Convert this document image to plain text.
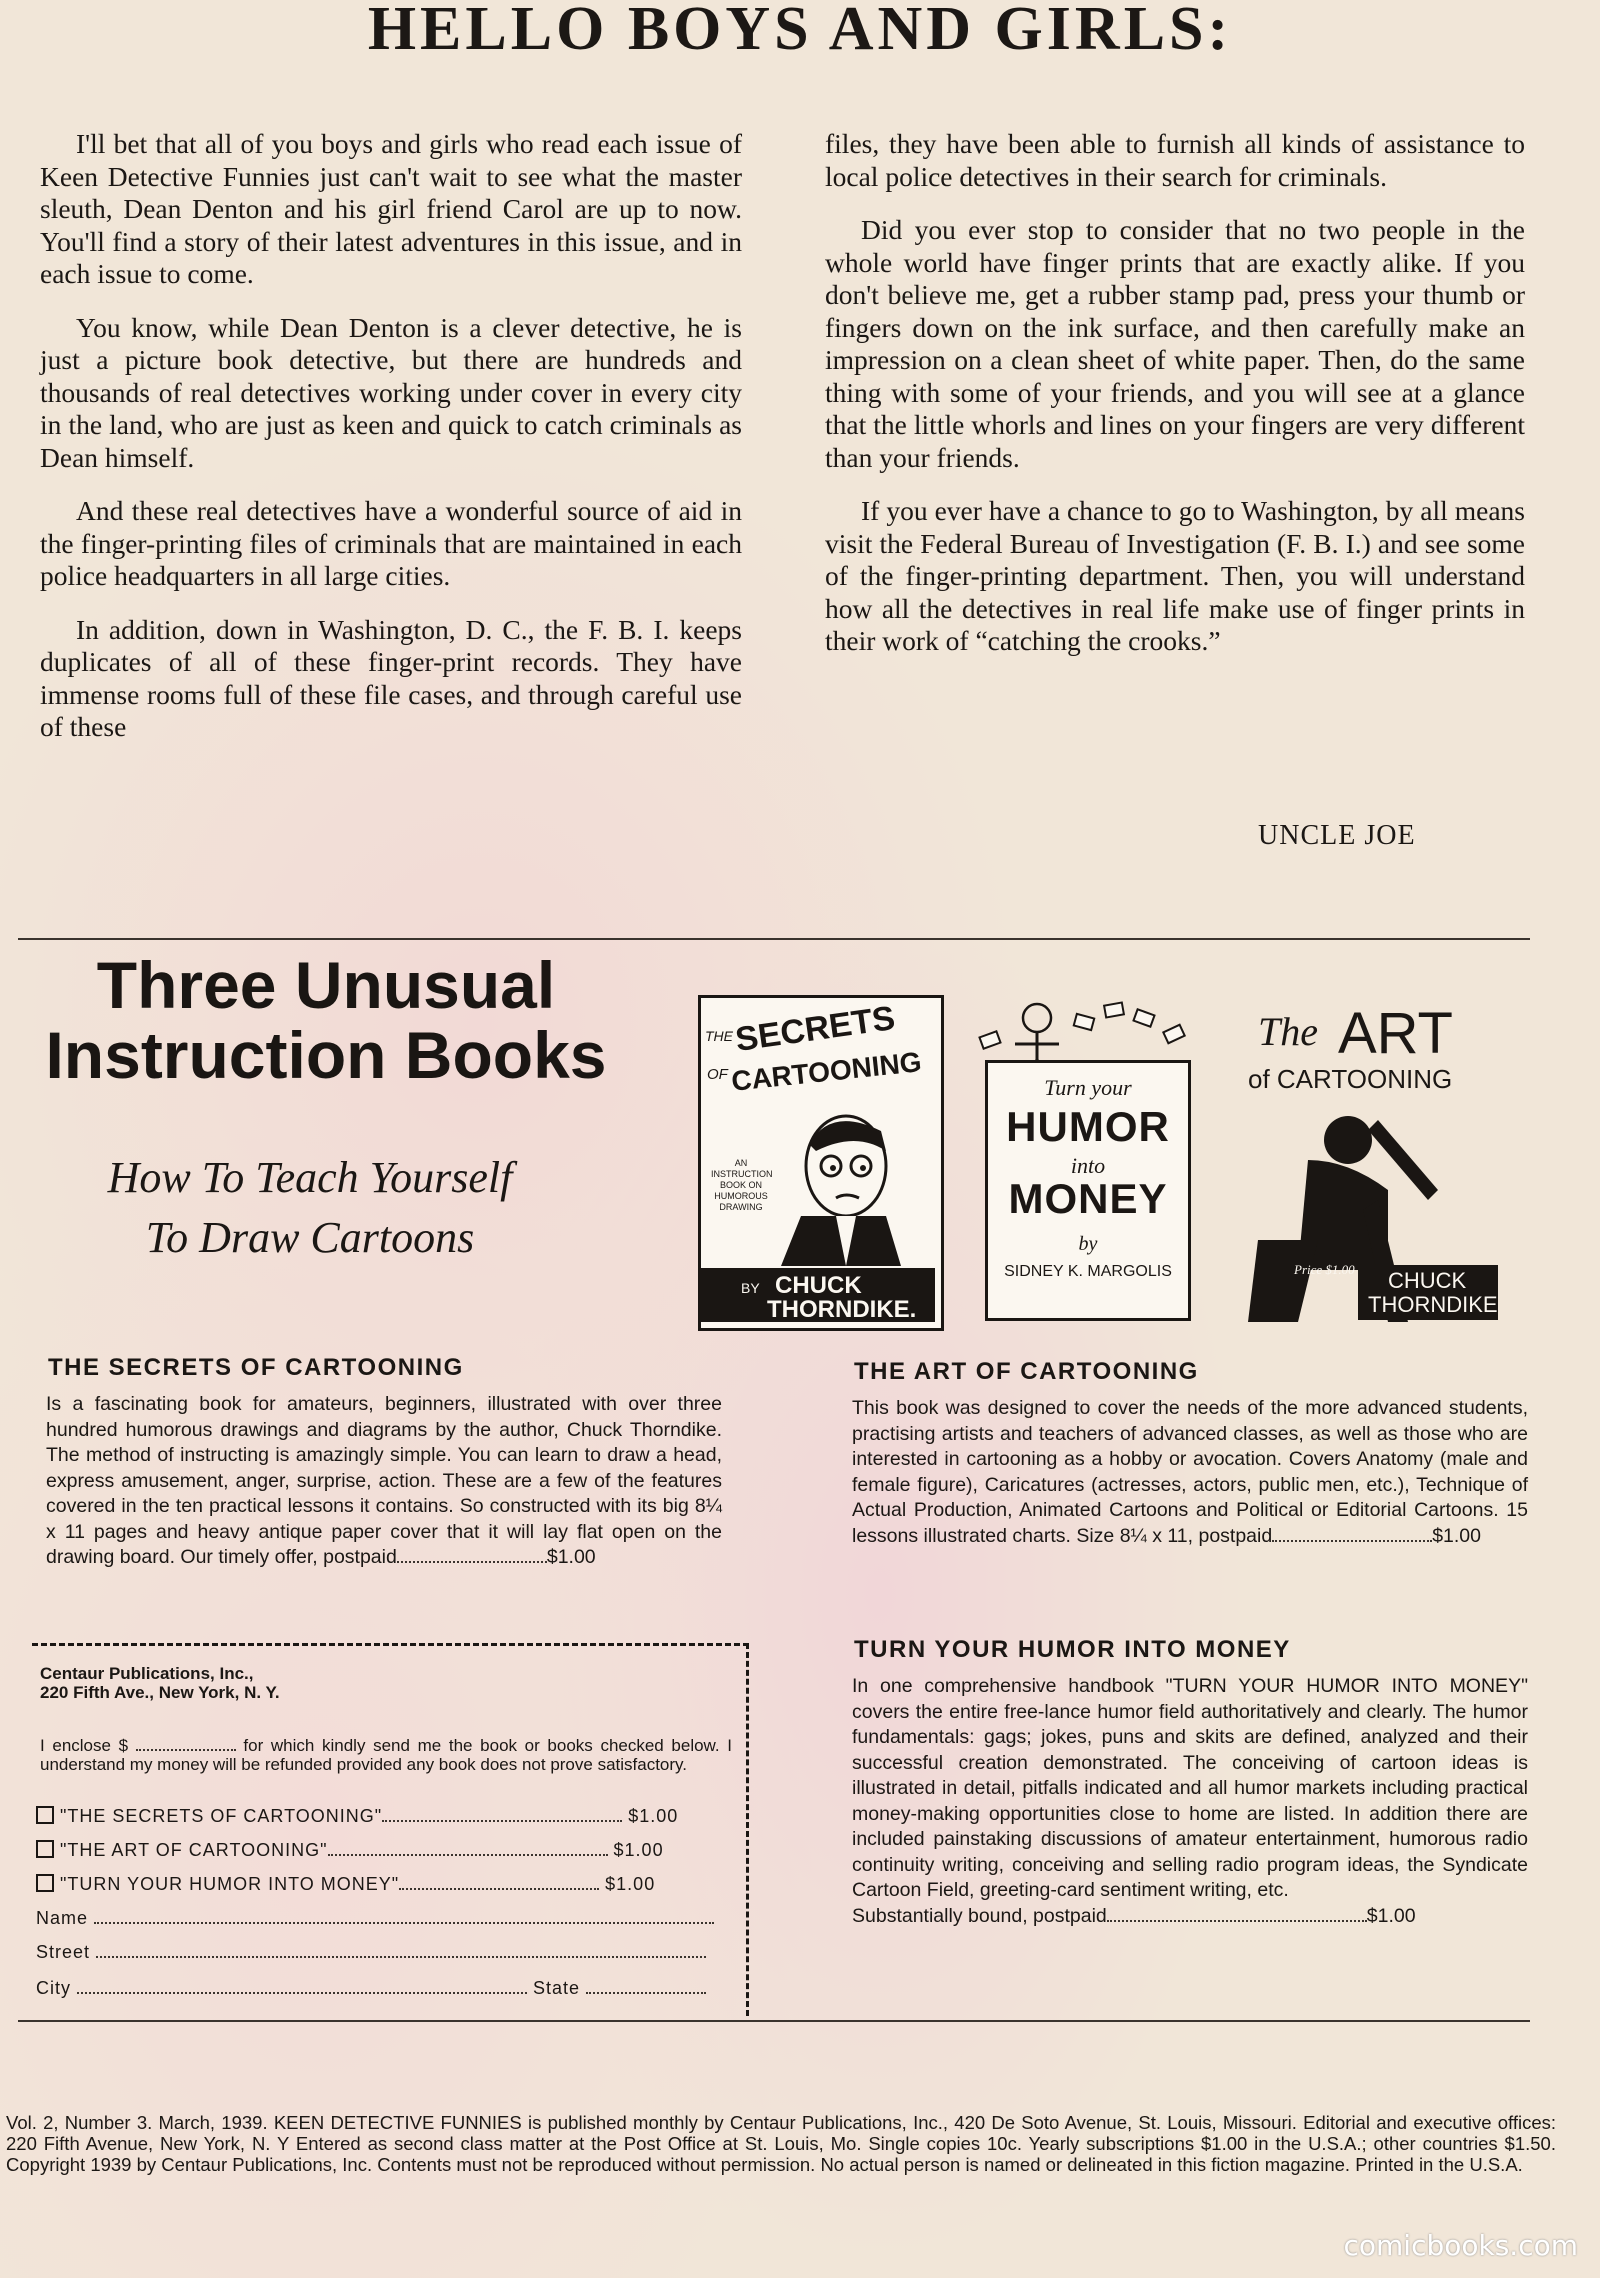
HELLO BOYS AND GIRLS:

I'll bet that all of you boys and girls who read each issue of Keen Detective Funnies just can't wait to see what the master sleuth, Dean Denton and his girl friend Carol are up to now. You'll find a story of their latest adventures in this issue, and in each issue to come.

You know, while Dean Denton is a clever detective, he is just a picture book detective, but there are hundreds and thousands of real detectives working under cover in every city in the land, who are just as keen and quick to catch criminals as Dean himself.

And these real detectives have a wonderful source of aid in the finger-printing files of criminals that are maintained in each police headquarters in all large cities.

In addition, down in Washington, D. C., the F. B. I. keeps duplicates of all of these finger-print records. They have immense rooms full of these file cases, and through careful use of these

files, they have been able to furnish all kinds of assistance to local police detectives in their search for criminals.

Did you ever stop to consider that no two people in the whole world have finger prints that are exactly alike. If you don't believe me, get a rubber stamp pad, press your thumb or fingers down on the ink surface, and then carefully make an impression on a clean sheet of white paper. Then, do the same thing with some of your friends, and you will see at a glance that the little whorls and lines on your fingers are very different than your friends.

If you ever have a chance to go to Washington, by all means visit the Federal Bureau of Investigation (F. B. I.) and see some of the finger-printing department. Then, you will understand how all the detectives in real life make use of finger prints in their work of “catching the crooks.”

UNCLE JOE
Three Unusual
Instruction Books
How To Teach Yourself
To Draw Cartoons
THE SECRETS
OF CARTOONING
AN INSTRUCTION BOOK ON HUMOROUS DRAWING
BY CHUCK
THORNDIKE.
Turn your
HUMOR
into
MONEY
by
SIDNEY K. MARGOLIS
The ART
of CARTOONING
Price $1.00 CHUCK
THORNDIKE
THE SECRETS OF CARTOONING
Is a fascinating book for amateurs, beginners, illustrated with over three hundred humorous drawings and diagrams by the author, Chuck Thorndike. The method of instructing is amazingly simple. You can learn to draw a head, express amusement, anger, surprise, action. These are a few of the features covered in the ten practical lessons it contains. So constructed with its big 8¼ x 11 pages and heavy antique paper cover that it will lay flat open on the drawing board. Our timely offer, postpaid	$1.00
THE ART OF CARTOONING
This book was designed to cover the needs of the more advanced students, practising artists and teachers of advanced classes, as well as those who are interested in cartooning as a hobby or avocation. Covers Anatomy (male and female figure), Caricatures (actresses, actors, public men, etc.), Technique of Actual Production, Animated Cartoons and Political or Editorial Cartoons. 15 lessons illustrated charts. Size 8¼ x 11, postpaid	$1.00
TURN YOUR HUMOR INTO MONEY
In one comprehensive handbook "TURN YOUR HUMOR INTO MONEY" covers the entire free-lance humor field authoritatively and clearly. The humor fundamentals: gags; jokes, puns and skits are defined, analyzed and their successful creation demonstrated. The conceiving of cartoon ideas is illustrated in detail, pitfalls indicated and all humor markets including practical money-making opportunities close to home are listed. In addition there are included painstaking discussions of amateur entertainment, humorous radio continuity writing, conceiving and selling radio program ideas, the Syndicate Cartoon Field, greeting-card sentiment writing, etc.
Substantially bound, postpaid	$1.00
Centaur Publications, Inc.,
220 Fifth Ave., New York, N. Y.
I enclose $	for which kindly send me the book or books checked below. I understand my money will be refunded provided any book does not prove satisfactory.
"THE SECRETS OF CARTOONING"	$1.00
"THE ART OF CARTOONING"	$1.00
"TURN YOUR HUMOR INTO MONEY"	$1.00
Name
Street
City	State
Vol. 2, Number 3. March, 1939. KEEN DETECTIVE FUNNIES is published monthly by Centaur Publications, Inc., 420 De Soto Avenue, St. Louis, Missouri. Editorial and executive offices: 220 Fifth Avenue, New York, N. Y Entered as second class matter at the Post Office at St. Louis, Mo. Single copies 10c. Yearly subscriptions $1.00 in the U.S.A.; other countries $1.50. Copyright 1939 by Centaur Publications, Inc. Contents must not be reproduced without permission. No actual person is named or delineated in this fiction magazine. Printed in the U.S.A.
comicbooks.com
